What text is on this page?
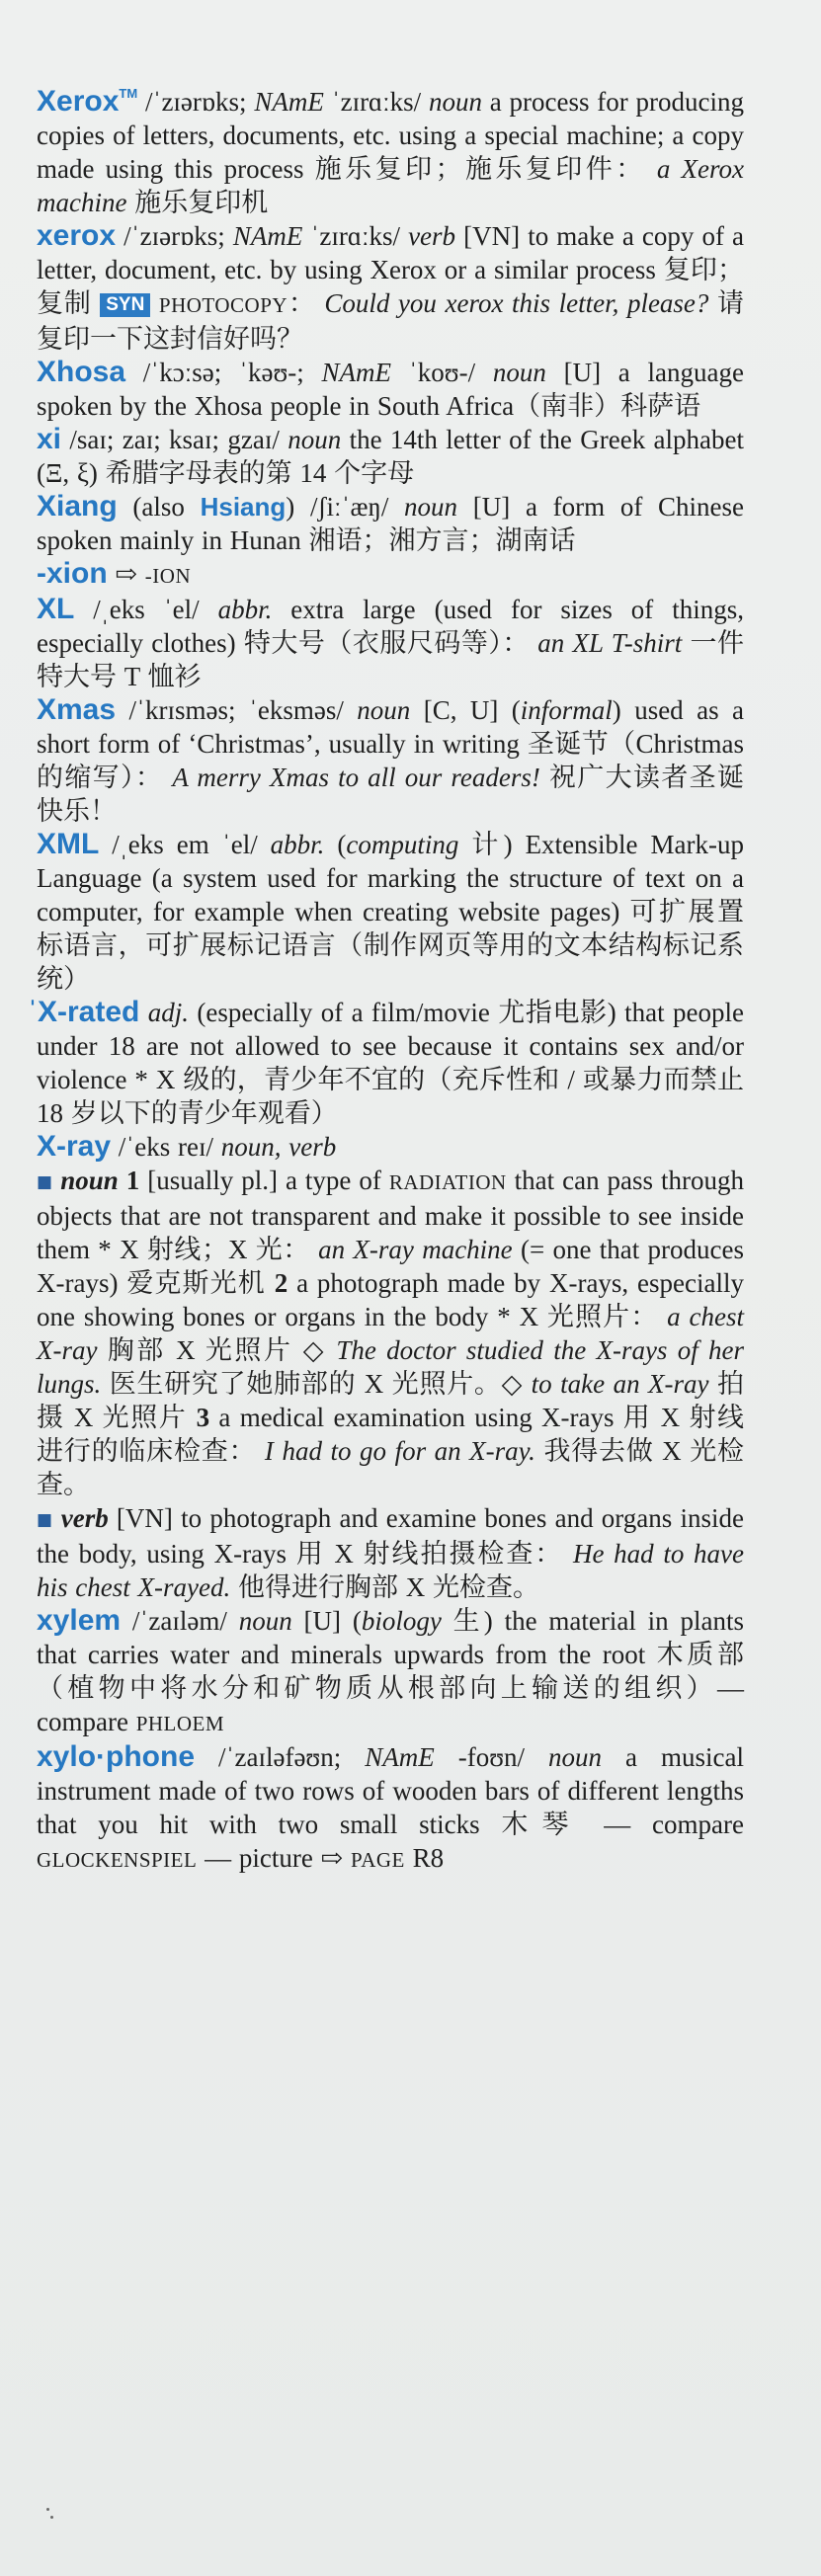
Xerox™ /ˈzɪərɒks; NAmE ˈzɪrɑːks/ noun a process for producing copies of letters, documents, etc. using a special machine; a copy made using this process 施乐复印；施乐复印件： a Xerox machine 施乐复印机

xerox /ˈzɪərɒks; NAmE ˈzɪrɑːks/ verb [VN] to make a copy of a letter, document, etc. by using Xerox or a similar process 复印；复制 SYN PHOTOCOPY： Could you xerox this letter, please? 请复印一下这封信好吗？

Xhosa /ˈkɔːsə; ˈkəʊ-; NAmE ˈkoʊ-/ noun [U] a language spoken by the Xhosa people in South Africa（南非）科萨语

xi /saɪ; zaɪ; ksaɪ; gzaɪ/ noun the 14th letter of the Greek alphabet (Ξ, ξ) 希腊字母表的第 14 个字母

Xiang (also Hsiang) /ʃiːˈæŋ/ noun [U] a form of Chinese spoken mainly in Hunan 湘语；湘方言；湖南话

-xion ⇨ -ION

XL /ˌeks ˈel/ abbr. extra large (used for sizes of things, especially clothes) 特大号（衣服尺码等）： an XL T-shirt 一件特大号 T 恤衫

Xmas /ˈkrɪsməs; ˈeksməs/ noun [C, U] (informal) used as a short form of ‘Christmas’, usually in writing 圣诞节（Christmas 的缩写）： A merry Xmas to all our readers! 祝广大读者圣诞快乐！

XML /ˌeks em ˈel/ abbr. (computing 计) Extensible Mark-up Language (a system used for marking the structure of text on a computer, for example when creating website pages) 可扩展置标语言，可扩展标记语言（制作网页等用的文本结构标记系统）

ˈX-rated adj. (especially of a film/movie 尤指电影) that people under 18 are not allowed to see because it contains sex and/or violence * X 级的，青少年不宜的（充斥性和 / 或暴力而禁止 18 岁以下的青少年观看）

X-ray /ˈeks reɪ/ noun, verb

■ noun 1 [usually pl.] a type of RADIATION that can pass through objects that are not transparent and make it possible to see inside them * X 射线；X 光： an X-ray machine (= one that produces X-rays) 爱克斯光机 2 a photograph made by X-rays, especially one showing bones or organs in the body * X 光照片： a chest X-ray 胸部 X 光照片 ◇ The doctor studied the X-rays of her lungs. 医生研究了她肺部的 X 光照片。◇ to take an X-ray 拍摄 X 光照片 3 a medical examination using X-rays 用 X 射线进行的临床检查： I had to go for an X-ray. 我得去做 X 光检查。

■ verb [VN] to photograph and examine bones and organs inside the body, using X-rays 用 X 射线拍摄检查： He had to have his chest X-rayed. 他得进行胸部 X 光检查。

xylem /ˈzaɪləm/ noun [U] (biology 生) the material in plants that carries water and minerals upwards from the root 木质部（植物中将水分和矿物质从根部向上输送的组织）— compare PHLOEM

xylo·phone /ˈzaɪləfəʊn; NAmE -foʊn/ noun a musical instrument made of two rows of wooden bars of different lengths that you hit with two small sticks 木琴 — compare GLOCKENSPIEL — picture ⇨ PAGE R8
